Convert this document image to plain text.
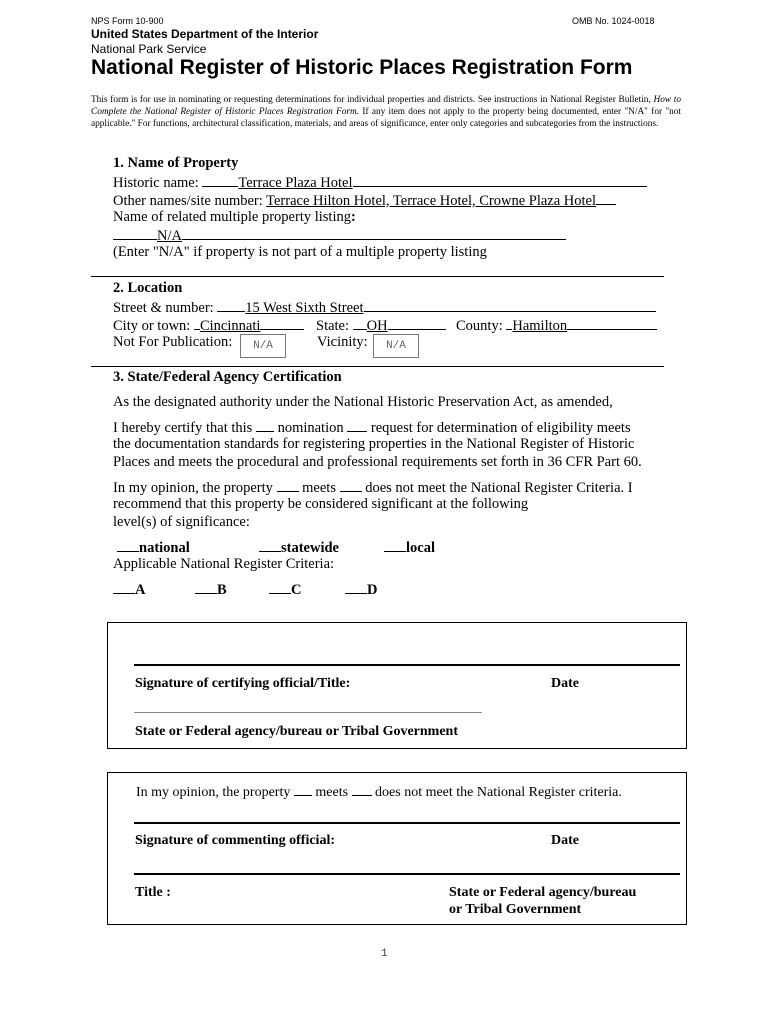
NPS Form 10-900	OMB No. 1024-0018
United States Department of the Interior
National Park Service
National Register of Historic Places Registration Form
This form is for use in nominating or requesting determinations for individual properties and districts. See instructions in National Register Bulletin, How to Complete the National Register of Historic Places Registration Form. If any item does not apply to the property being documented, enter "N/A" for "not applicable." For functions, architectural classification, materials, and areas of significance, enter only categories and subcategories from the instructions.
1. Name of Property
Historic name: Terrace Plaza Hotel
Other names/site number: Terrace Hilton Hotel, Terrace Hotel, Crowne Plaza Hotel
Name of related multiple property listing:
N/A
(Enter "N/A" if property is not part of a multiple property listing
2. Location
Street & number: 15 West Sixth Street
City or town: Cincinnati	State: OH	County: Hamilton
Not For Publication:	N/A	Vicinity:	N/A
3. State/Federal Agency Certification
As the designated authority under the National Historic Preservation Act, as amended,
I hereby certify that this  nomination  request for determination of eligibility meets
the documentation standards for registering properties in the National Register of Historic
Places and meets the procedural and professional requirements set forth in 36 CFR Part 60.
In my opinion, the property  meets  does not meet the National Register Criteria. I
recommend that this property be considered significant at the following
level(s) of significance:
national	statewide	local
Applicable National Register Criteria:
A	B	C	D
Signature of certifying official/Title:	Date
State or Federal agency/bureau or Tribal Government
In my opinion, the property  meets  does not meet the National Register criteria.
Signature of commenting official:	Date
Title :	State or Federal agency/bureau
or Tribal Government
1
